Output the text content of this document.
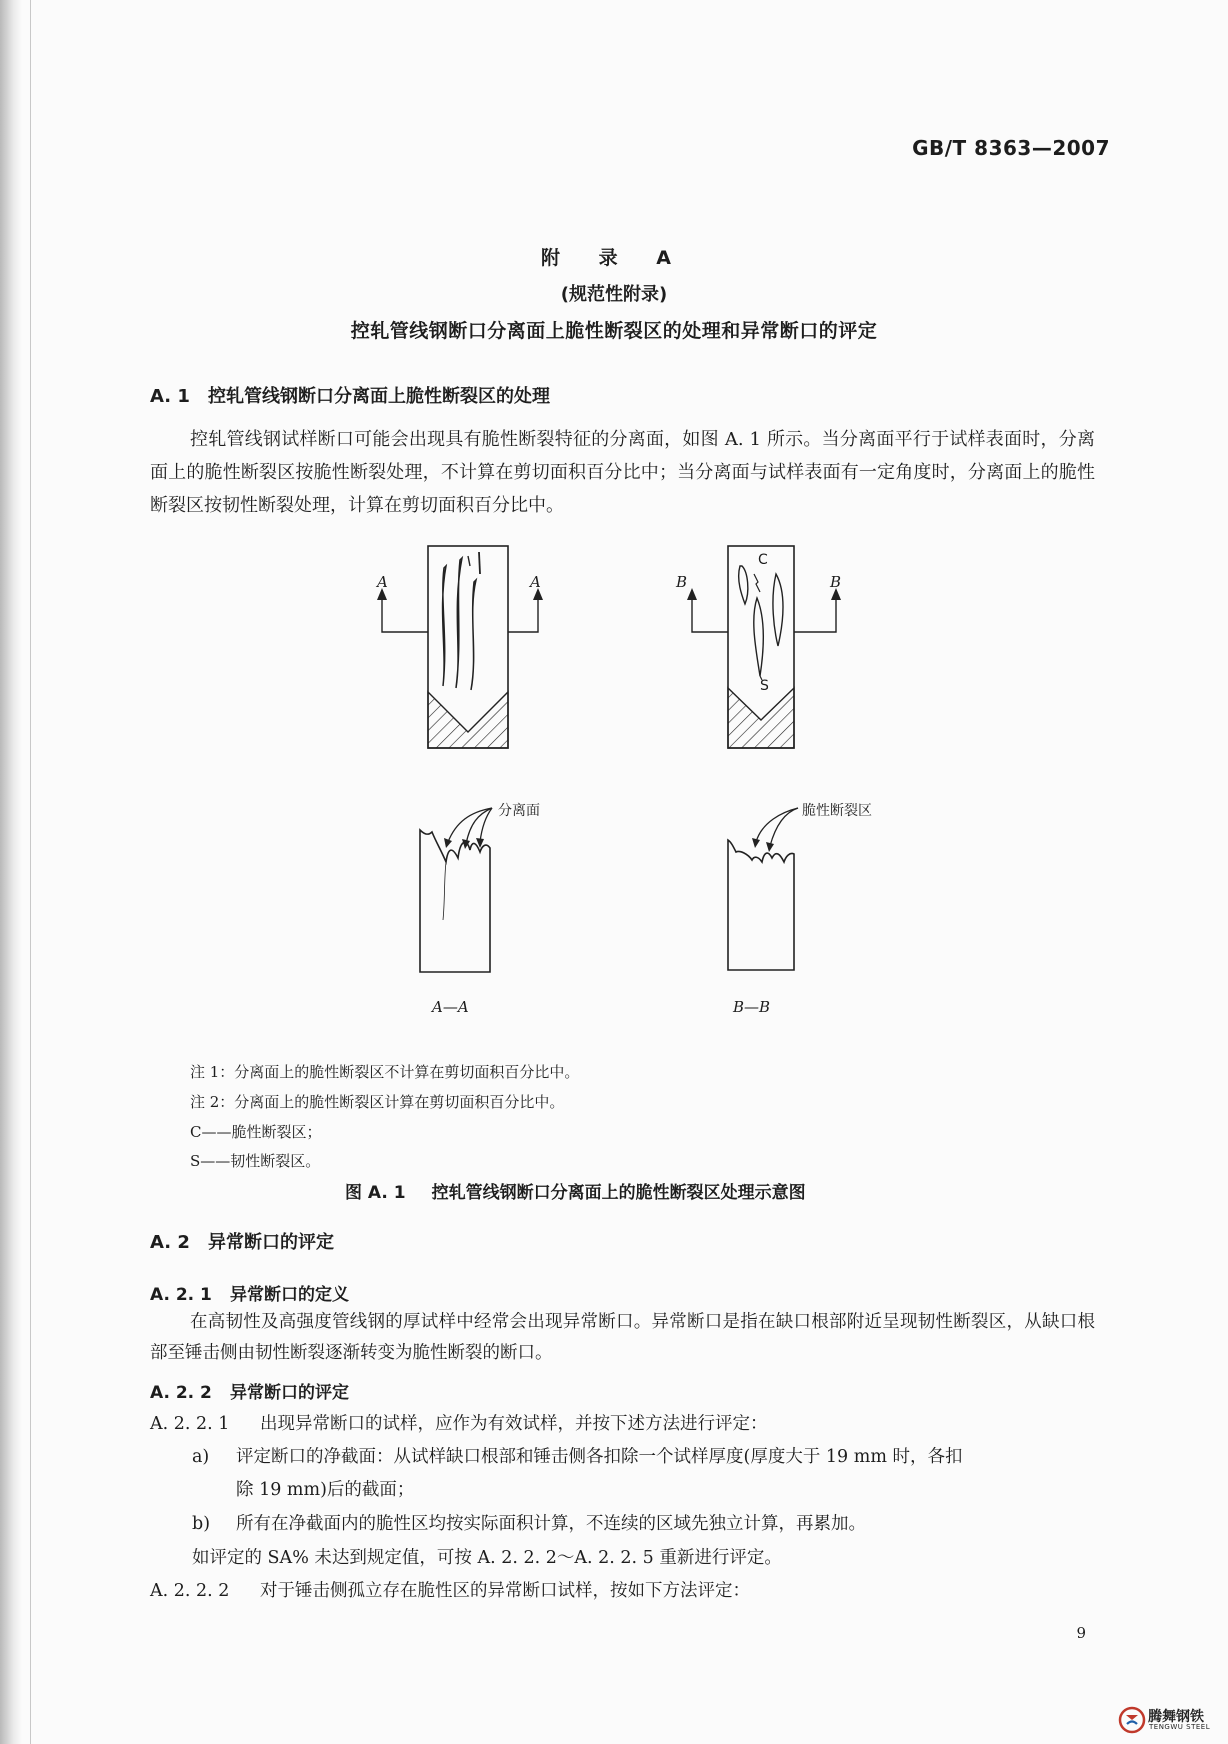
GB/T 8363—2007
附 录 A
(规范性附录)
控轧管线钢断口分离面上脆性断裂区的处理和异常断口的评定
A. 1 控轧管线钢断口分离面上脆性断裂区的处理
控轧管线钢试样断口可能会出现具有脆性断裂特征的分离面，如图 A. 1 所示。当分离面平行于试样表面时，分离面上的脆性断裂区按脆性断裂处理，不计算在剪切面积百分比中；当分离面与试样表面有一定角度时，分离面上的脆性断裂区按韧性断裂处理，计算在剪切面积百分比中。
A	A	B	B
C
S
分离面	脆性断裂区
A—A	B—B
注 1：分离面上的脆性断裂区不计算在剪切面积百分比中。
注 2：分离面上的脆性断裂区计算在剪切面积百分比中。
C——脆性断裂区；
S——韧性断裂区。
图 A. 1 控轧管线钢断口分离面上的脆性断裂区处理示意图
A. 2 异常断口的评定
A. 2. 1 异常断口的定义
在高韧性及高强度管线钢的厚试样中经常会出现异常断口。异常断口是指在缺口根部附近呈现韧性断裂区，从缺口根部至锤击侧由韧性断裂逐渐转变为脆性断裂的断口。
A. 2. 2 异常断口的评定
A. 2. 2. 1 出现异常断口的试样，应作为有效试样，并按下述方法进行评定：
a) 评定断口的净截面：从试样缺口根部和锤击侧各扣除一个试样厚度(厚度大于 19 mm 时，各扣
除 19 mm)后的截面；
b) 所有在净截面内的脆性区均按实际面积计算，不连续的区域先独立计算，再累加。
如评定的 SA% 未达到规定值，可按 A. 2. 2. 2～A. 2. 2. 5 重新进行评定。
A. 2. 2. 2 对于锤击侧孤立存在脆性区的异常断口试样，按如下方法评定：
9
腾舞钢铁
TENGWU STEEL
